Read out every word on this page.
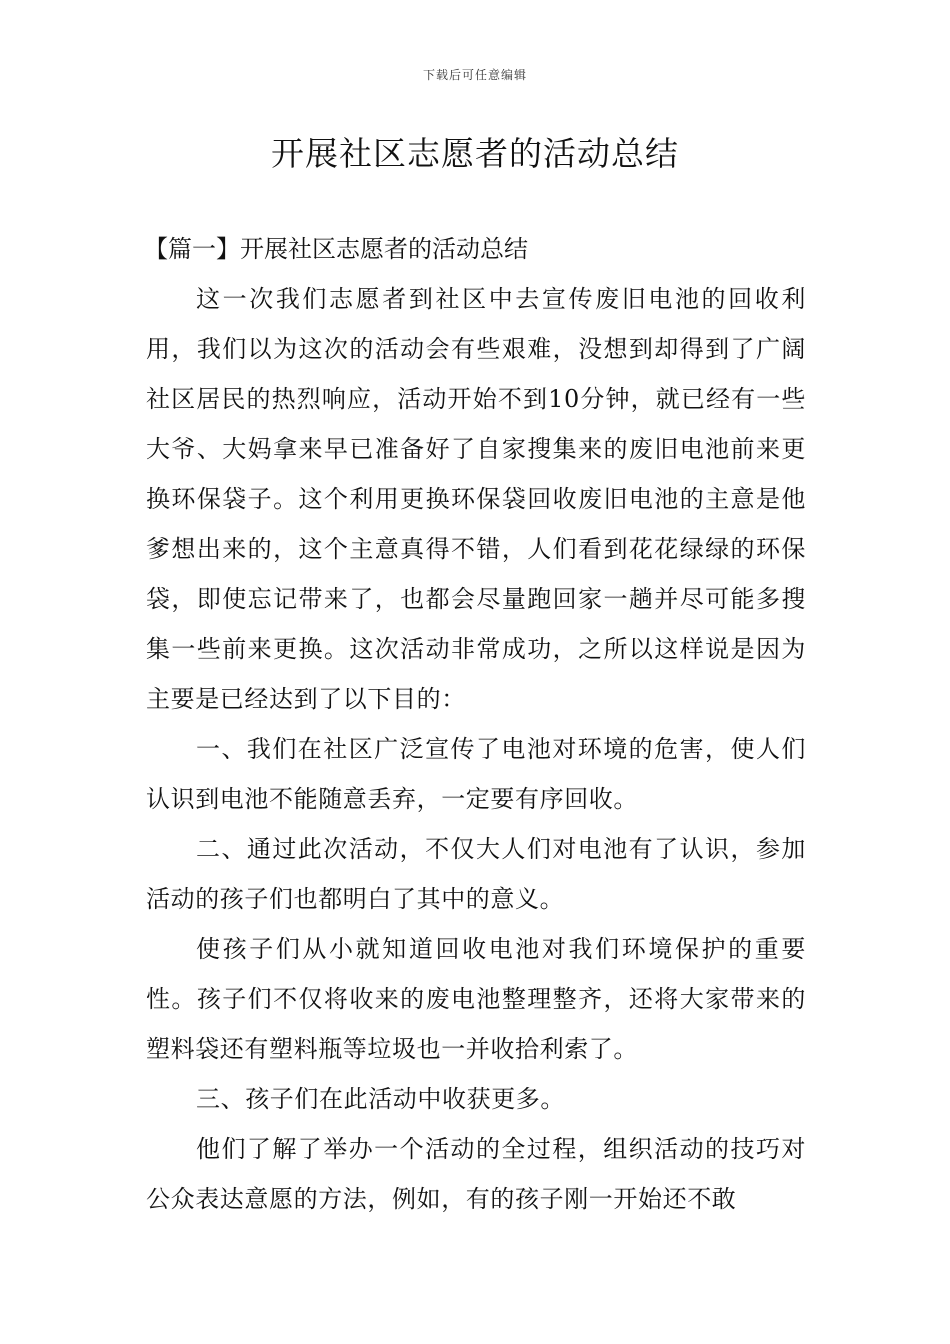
下载后可任意编辑
开展社区志愿者的活动总结

【篇一】开展社区志愿者的活动总结

这一次我们志愿者到社区中去宣传废旧电池的回收利用，我们以为这次的活动会有些艰难，没想到却得到了广阔社区居民的热烈响应，活动开始不到10分钟，就已经有一些大爷、大妈拿来早已准备好了自家搜集来的废旧电池前来更换环保袋子。这个利用更换环保袋回收废旧电池的主意是他爹想出来的，这个主意真得不错，人们看到花花绿绿的环保袋，即使忘记带来了，也都会尽量跑回家一趟并尽可能多搜集一些前来更换。这次活动非常成功，之所以这样说是因为主要是已经达到了以下目的：

一、我们在社区广泛宣传了电池对环境的危害，使人们认识到电池不能随意丢弃，一定要有序回收。

二、通过此次活动，不仅大人们对电池有了认识，参加活动的孩子们也都明白了其中的意义。

使孩子们从小就知道回收电池对我们环境保护的重要性。孩子们不仅将收来的废电池整理整齐，还将大家带来的塑料袋还有塑料瓶等垃圾也一并收拾利索了。

三、孩子们在此活动中收获更多。

他们了解了举办一个活动的全过程，组织活动的技巧对公众表达意愿的方法，例如，有的孩子刚一开始还不敢
